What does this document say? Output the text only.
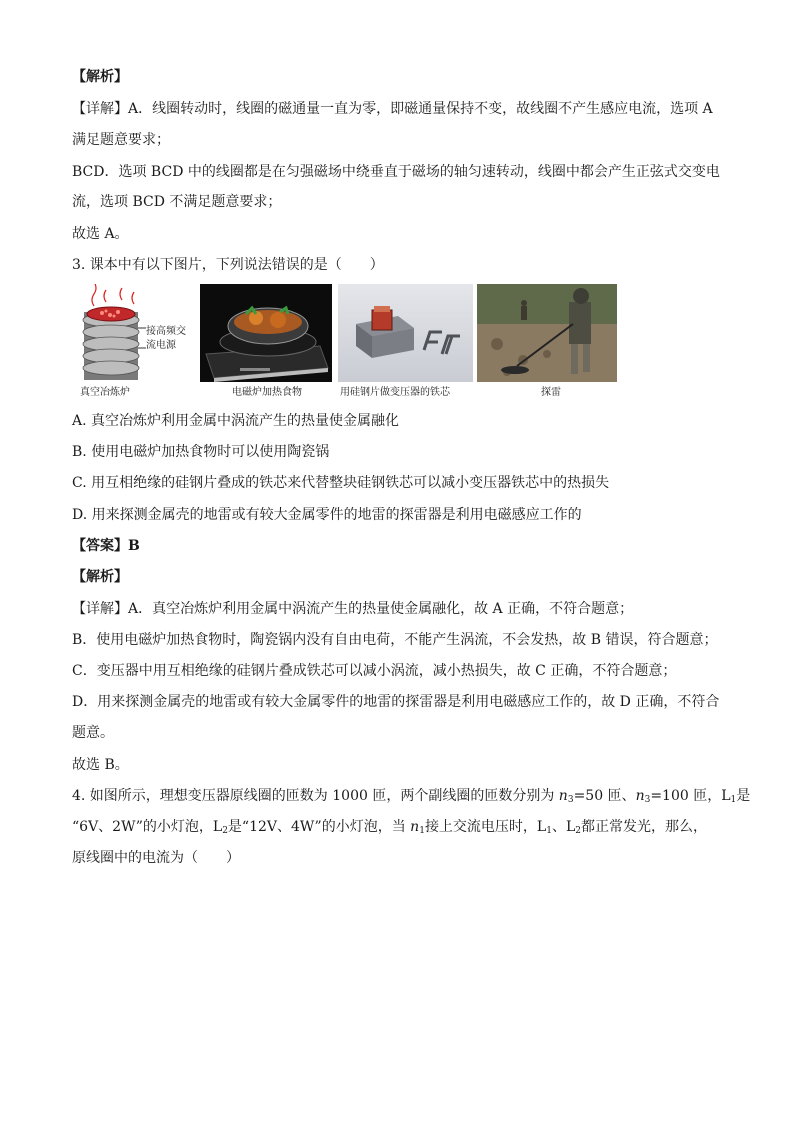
【解析】
【详解】A．线圈转动时，线圈的磁通量一直为零，即磁通量保持不变，故线圈不产生感应电流，选项 A
满足题意要求；
BCD．选项 BCD 中的线圈都是在匀强磁场中绕垂直于磁场的轴匀速转动，线圈中都会产生正弦式交变电
流，选项 BCD 不满足题意要求；
故选 A。
3. 课本中有以下图片，下列说法错误的是（　　）
接高频交
流电源
真空冶炼炉	电磁炉加热食物	用硅钢片做变压器的铁芯	探雷
A. 真空冶炼炉利用金属中涡流产生的热量使金属融化
B. 使用电磁炉加热食物时可以使用陶瓷锅
C. 用互相绝缘的硅钢片叠成的铁芯来代替整块硅钢铁芯可以减小变压器铁芯中的热损失
D. 用来探测金属壳的地雷或有较大金属零件的地雷的探雷器是利用电磁感应工作的
【答案】B
【解析】
【详解】A．真空冶炼炉利用金属中涡流产生的热量使金属融化，故 A 正确，不符合题意；
B．使用电磁炉加热食物时，陶瓷锅内没有自由电荷，不能产生涡流，不会发热，故 B 错误，符合题意；
C．变压器中用互相绝缘的硅钢片叠成铁芯可以减小涡流，减小热损失，故 C 正确，不符合题意；
D．用来探测金属壳的地雷或有较大金属零件的地雷的探雷器是利用电磁感应工作的，故 D 正确，不符合
题意。
故选 B。
4. 如图所示，理想变压器原线圈的匝数为 1000 匝，两个副线圈的匝数分别为 $n_3=50$ 匝、$n_3=100$ 匝，$L_1$是
“6V、2W”的小灯泡，$L_2$是“12V、4W”的小灯泡，当 $n_1$接上交流电压时，$L_1$、$L_2$都正常发光，那么，
原线圈中的电流为（　　）
